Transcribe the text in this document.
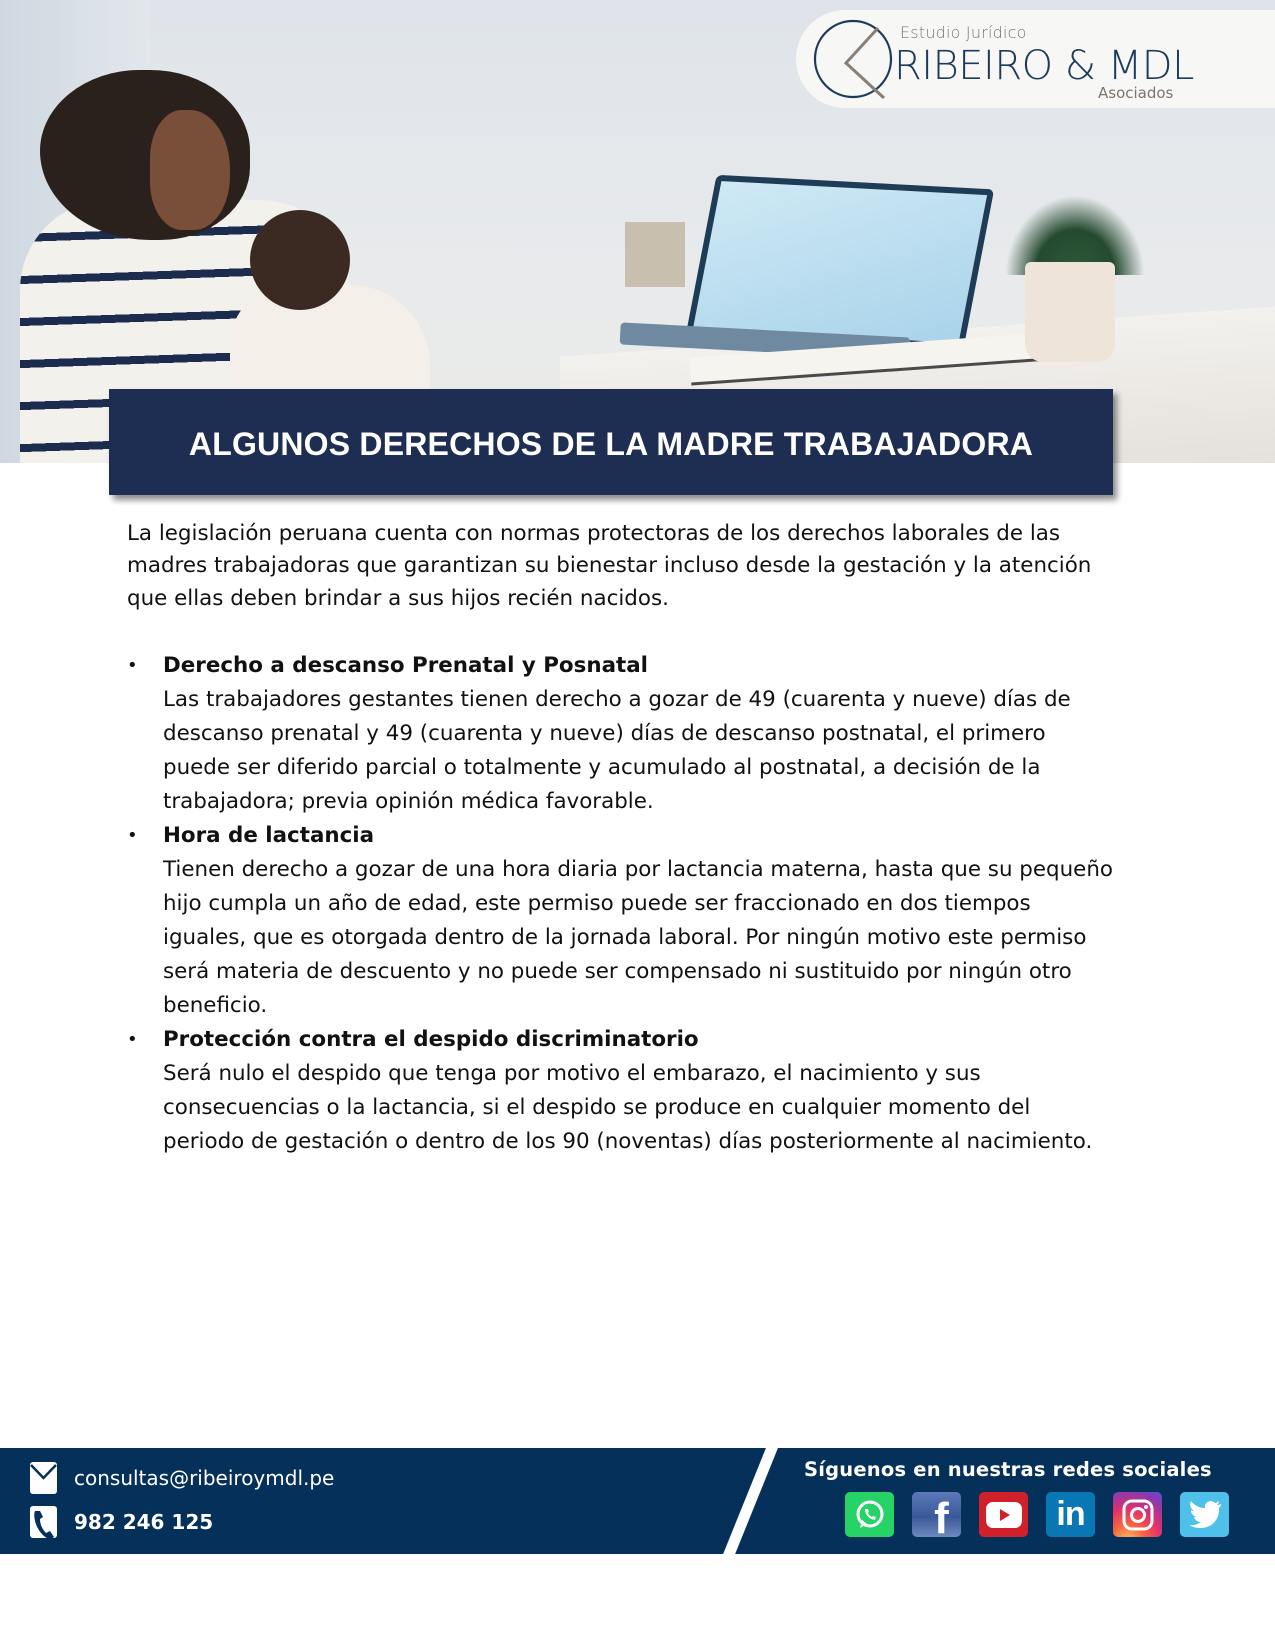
Estudio Jurídico
RIBEIRO & MDL
Asociados
ALGUNOS DERECHOS DE LA MADRE TRABAJADORA

La legislación peruana cuenta con normas protectoras de los derechos laborales de las madres trabajadoras que garantizan su bienestar incluso desde la gestación y la atención que ellas deben brindar a sus hijos recién nacidos.

• Derecho a descanso Prenatal y Posnatal
Las trabajadores gestantes tienen derecho a gozar de 49 (cuarenta y nueve) días de descanso prenatal y 49 (cuarenta y nueve) días de descanso postnatal, el primero puede ser diferido parcial o totalmente y acumulado al postnatal, a decisión de la trabajadora; previa opinión médica favorable.
• Hora de lactancia
Tienen derecho a gozar de una hora diaria por lactancia materna, hasta que su pequeño hijo cumpla un año de edad, este permiso puede ser fraccionado en dos tiempos iguales, que es otorgada dentro de la jornada laboral. Por ningún motivo este permiso será materia de descuento y no puede ser compensado ni sustituido por ningún otro beneficio.
• Protección contra el despido discriminatorio
Será nulo el despido que tenga por motivo el embarazo, el nacimiento y sus consecuencias o la lactancia, si el despido se produce en cualquier momento del periodo de gestación o dentro de los 90 (noventas) días posteriormente al nacimiento.
consultas@ribeiroymdl.pe
982 246 125
Síguenos en nuestras redes sociales
f	in
